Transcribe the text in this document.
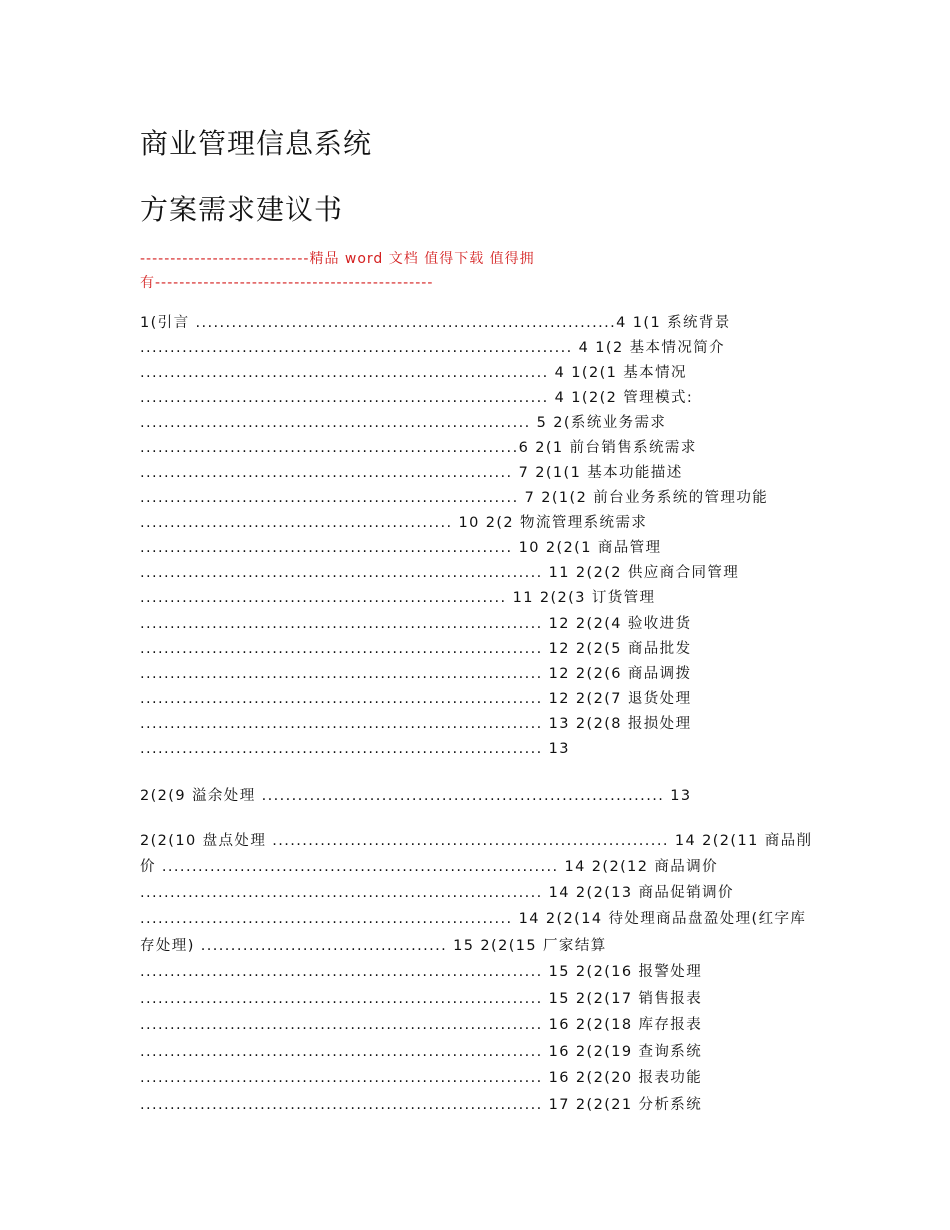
商业管理信息系统
方案需求建议书
----------------------------精品 word 文档 值得下载 值得拥
有----------------------------------------------
1(引言 ......................................................................4 1(1 系统背景
........................................................................ 4 1(2 基本情况简介
.................................................................... 4 1(2(1 基本情况
.................................................................... 4 1(2(2 管理模式:
................................................................. 5 2(系统业务需求
...............................................................6 2(1 前台销售系统需求
.............................................................. 7 2(1(1 基本功能描述
............................................................... 7 2(1(2 前台业务系统的管理功能
.................................................... 10 2(2 物流管理系统需求
.............................................................. 10 2(2(1 商品管理
................................................................... 11 2(2(2 供应商合同管理
............................................................. 11 2(2(3 订货管理
................................................................... 12 2(2(4 验收进货
................................................................... 12 2(2(5 商品批发
................................................................... 12 2(2(6 商品调拨
................................................................... 12 2(2(7 退货处理
................................................................... 13 2(2(8 报损处理
................................................................... 13
2(2(9 溢余处理 ................................................................... 13
2(2(10 盘点处理 .................................................................. 14 2(2(11 商品削
价 .................................................................. 14 2(2(12 商品调价
................................................................... 14 2(2(13 商品促销调价
.............................................................. 14 2(2(14 待处理商品盘盈处理(红字库
存处理) ......................................... 15 2(2(15 厂家结算
................................................................... 15 2(2(16 报警处理
................................................................... 15 2(2(17 销售报表
................................................................... 16 2(2(18 库存报表
................................................................... 16 2(2(19 查询系统
................................................................... 16 2(2(20 报表功能
................................................................... 17 2(2(21 分析系统
